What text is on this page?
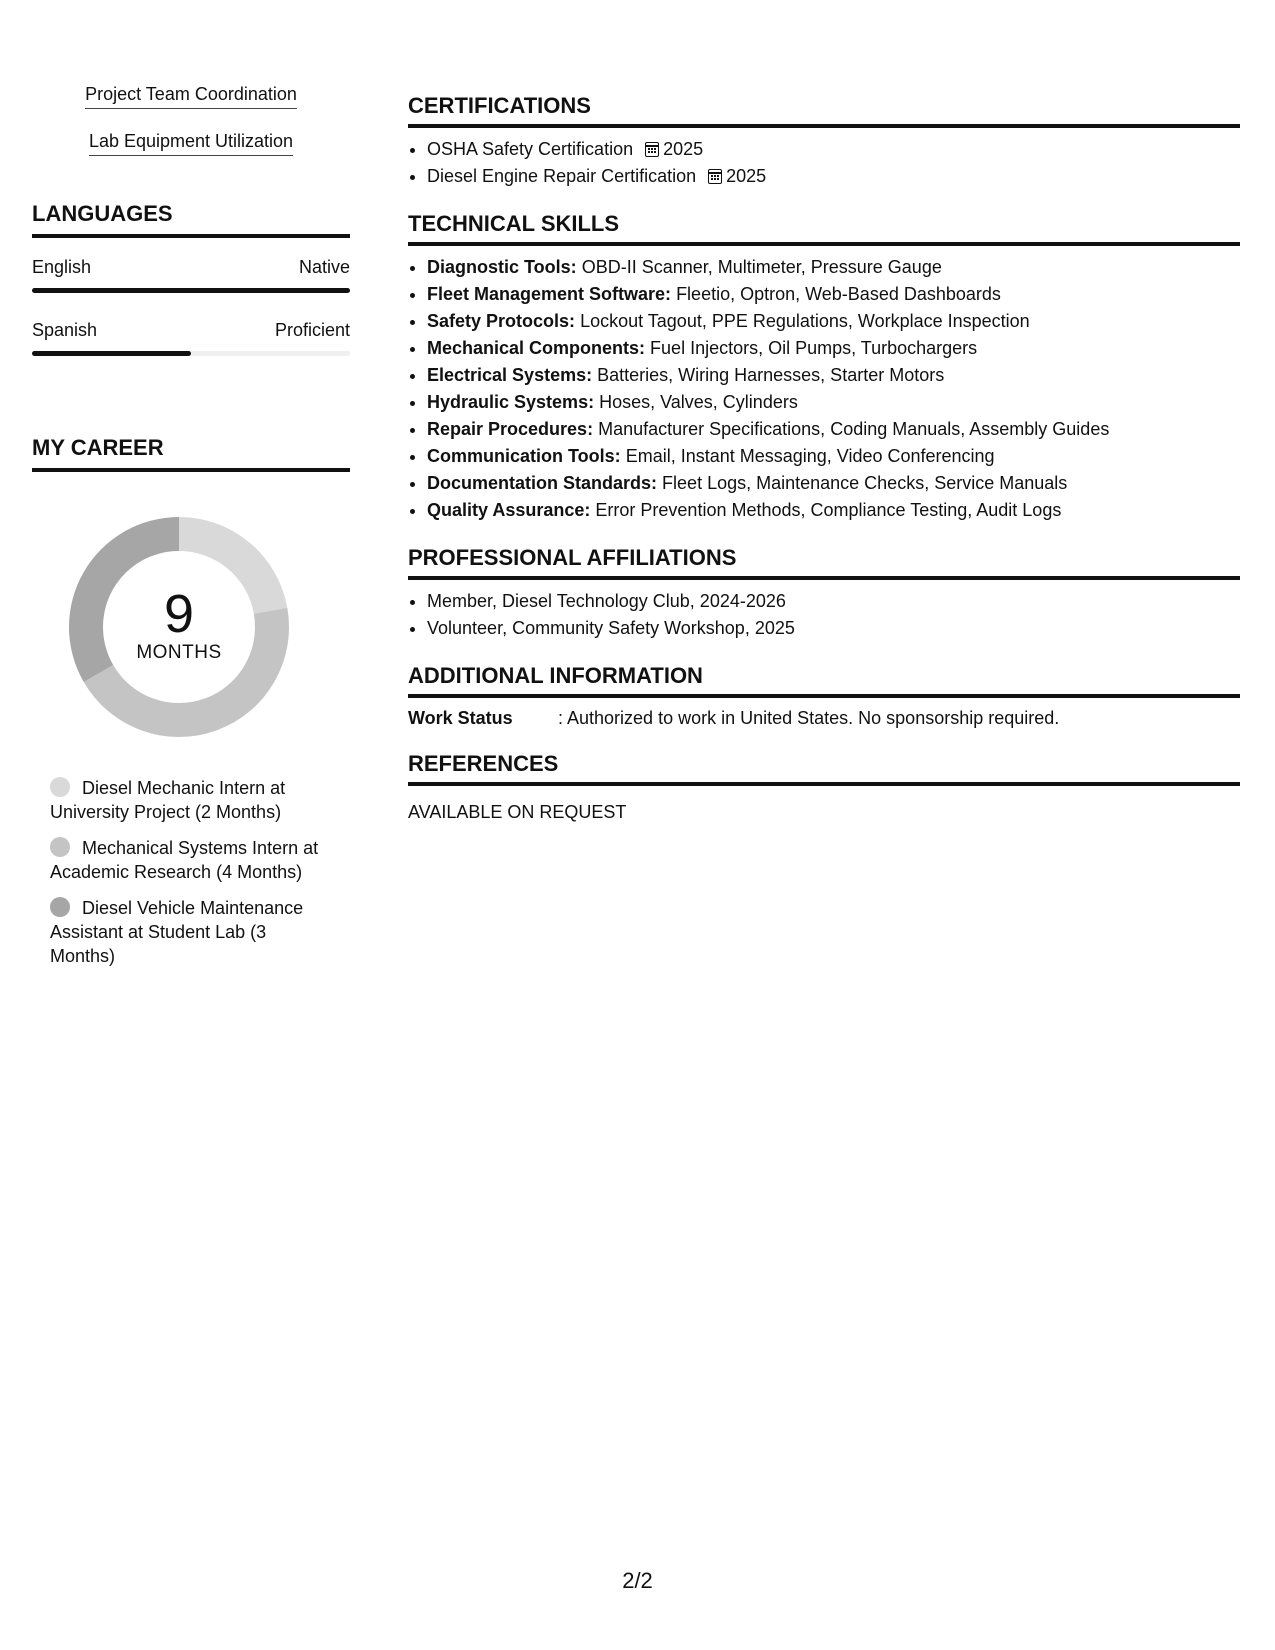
Project Team Coordination
Lab Equipment Utilization
LANGUAGES
English	Native
Spanish	Proficient
MY CAREER
9
MONTHS
Diesel Mechanic Intern at University Project (2 Months)
Mechanical Systems Intern at Academic Research (4 Months)
Diesel Vehicle Maintenance Assistant at Student Lab (3 Months)
CERTIFICATIONS
• OSHA Safety Certification 2025
• Diesel Engine Repair Certification 2025
TECHNICAL SKILLS
• Diagnostic Tools: OBD-II Scanner, Multimeter, Pressure Gauge
• Fleet Management Software: Fleetio, Optron, Web-Based Dashboards
• Safety Protocols: Lockout Tagout, PPE Regulations, Workplace Inspection
• Mechanical Components: Fuel Injectors, Oil Pumps, Turbochargers
• Electrical Systems: Batteries, Wiring Harnesses, Starter Motors
• Hydraulic Systems: Hoses, Valves, Cylinders
• Repair Procedures: Manufacturer Specifications, Coding Manuals, Assembly Guides
• Communication Tools: Email, Instant Messaging, Video Conferencing
• Documentation Standards: Fleet Logs, Maintenance Checks, Service Manuals
• Quality Assurance: Error Prevention Methods, Compliance Testing, Audit Logs
PROFESSIONAL AFFILIATIONS
• Member, Diesel Technology Club, 2024-2026
• Volunteer, Community Safety Workshop, 2025
ADDITIONAL INFORMATION
Work Status	: Authorized to work in United States. No sponsorship required.
REFERENCES
AVAILABLE ON REQUEST
2/2
